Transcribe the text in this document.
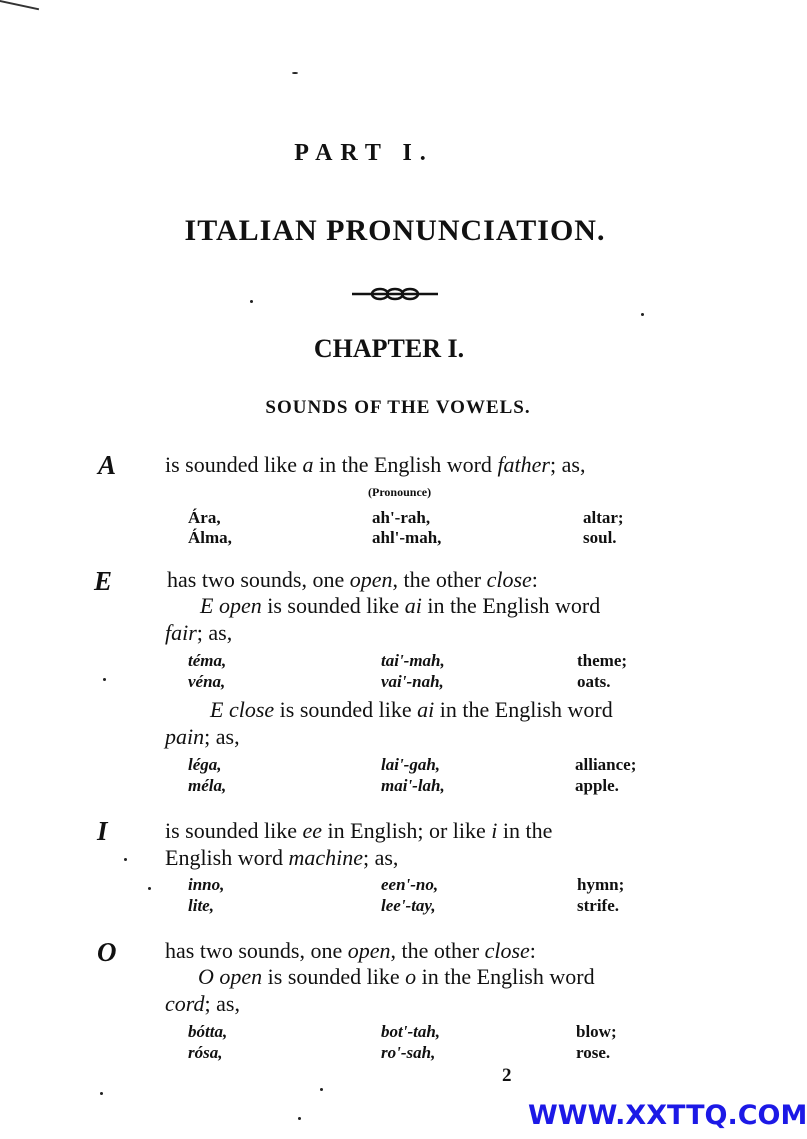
PART I.
ITALIAN PRONUNCIATION.
CHAPTER I.
SOUNDS OF THE VOWELS.
A is sounded like a in the English word father; as,
(Pronounce)
Ára,	ah'-rah,	altar;
Álma,	ahl'-mah,	soul.
E has two sounds, one open, the other close:
E open is sounded like ai in the English word
fair; as,
téma,	tai'-mah,	theme;
véna,	vai'-nah,	oats.
E close is sounded like ai in the English word
pain; as,
léga,	lai'-gah,	alliance;
méla,	mai'-lah,	apple.
I	is sounded like ee in English; or like i in the
English word machine; as,
inno,	een'-no,	hymn;
lite,	lee'-tay,	strife.
O has two sounds, one open, the other close:
O open is sounded like o in the English word
cord; as,
bótta,	bot'-tah,	blow;
rósa,	ro'-sah,	rose.
2
WWW.XXTTQ.COM
